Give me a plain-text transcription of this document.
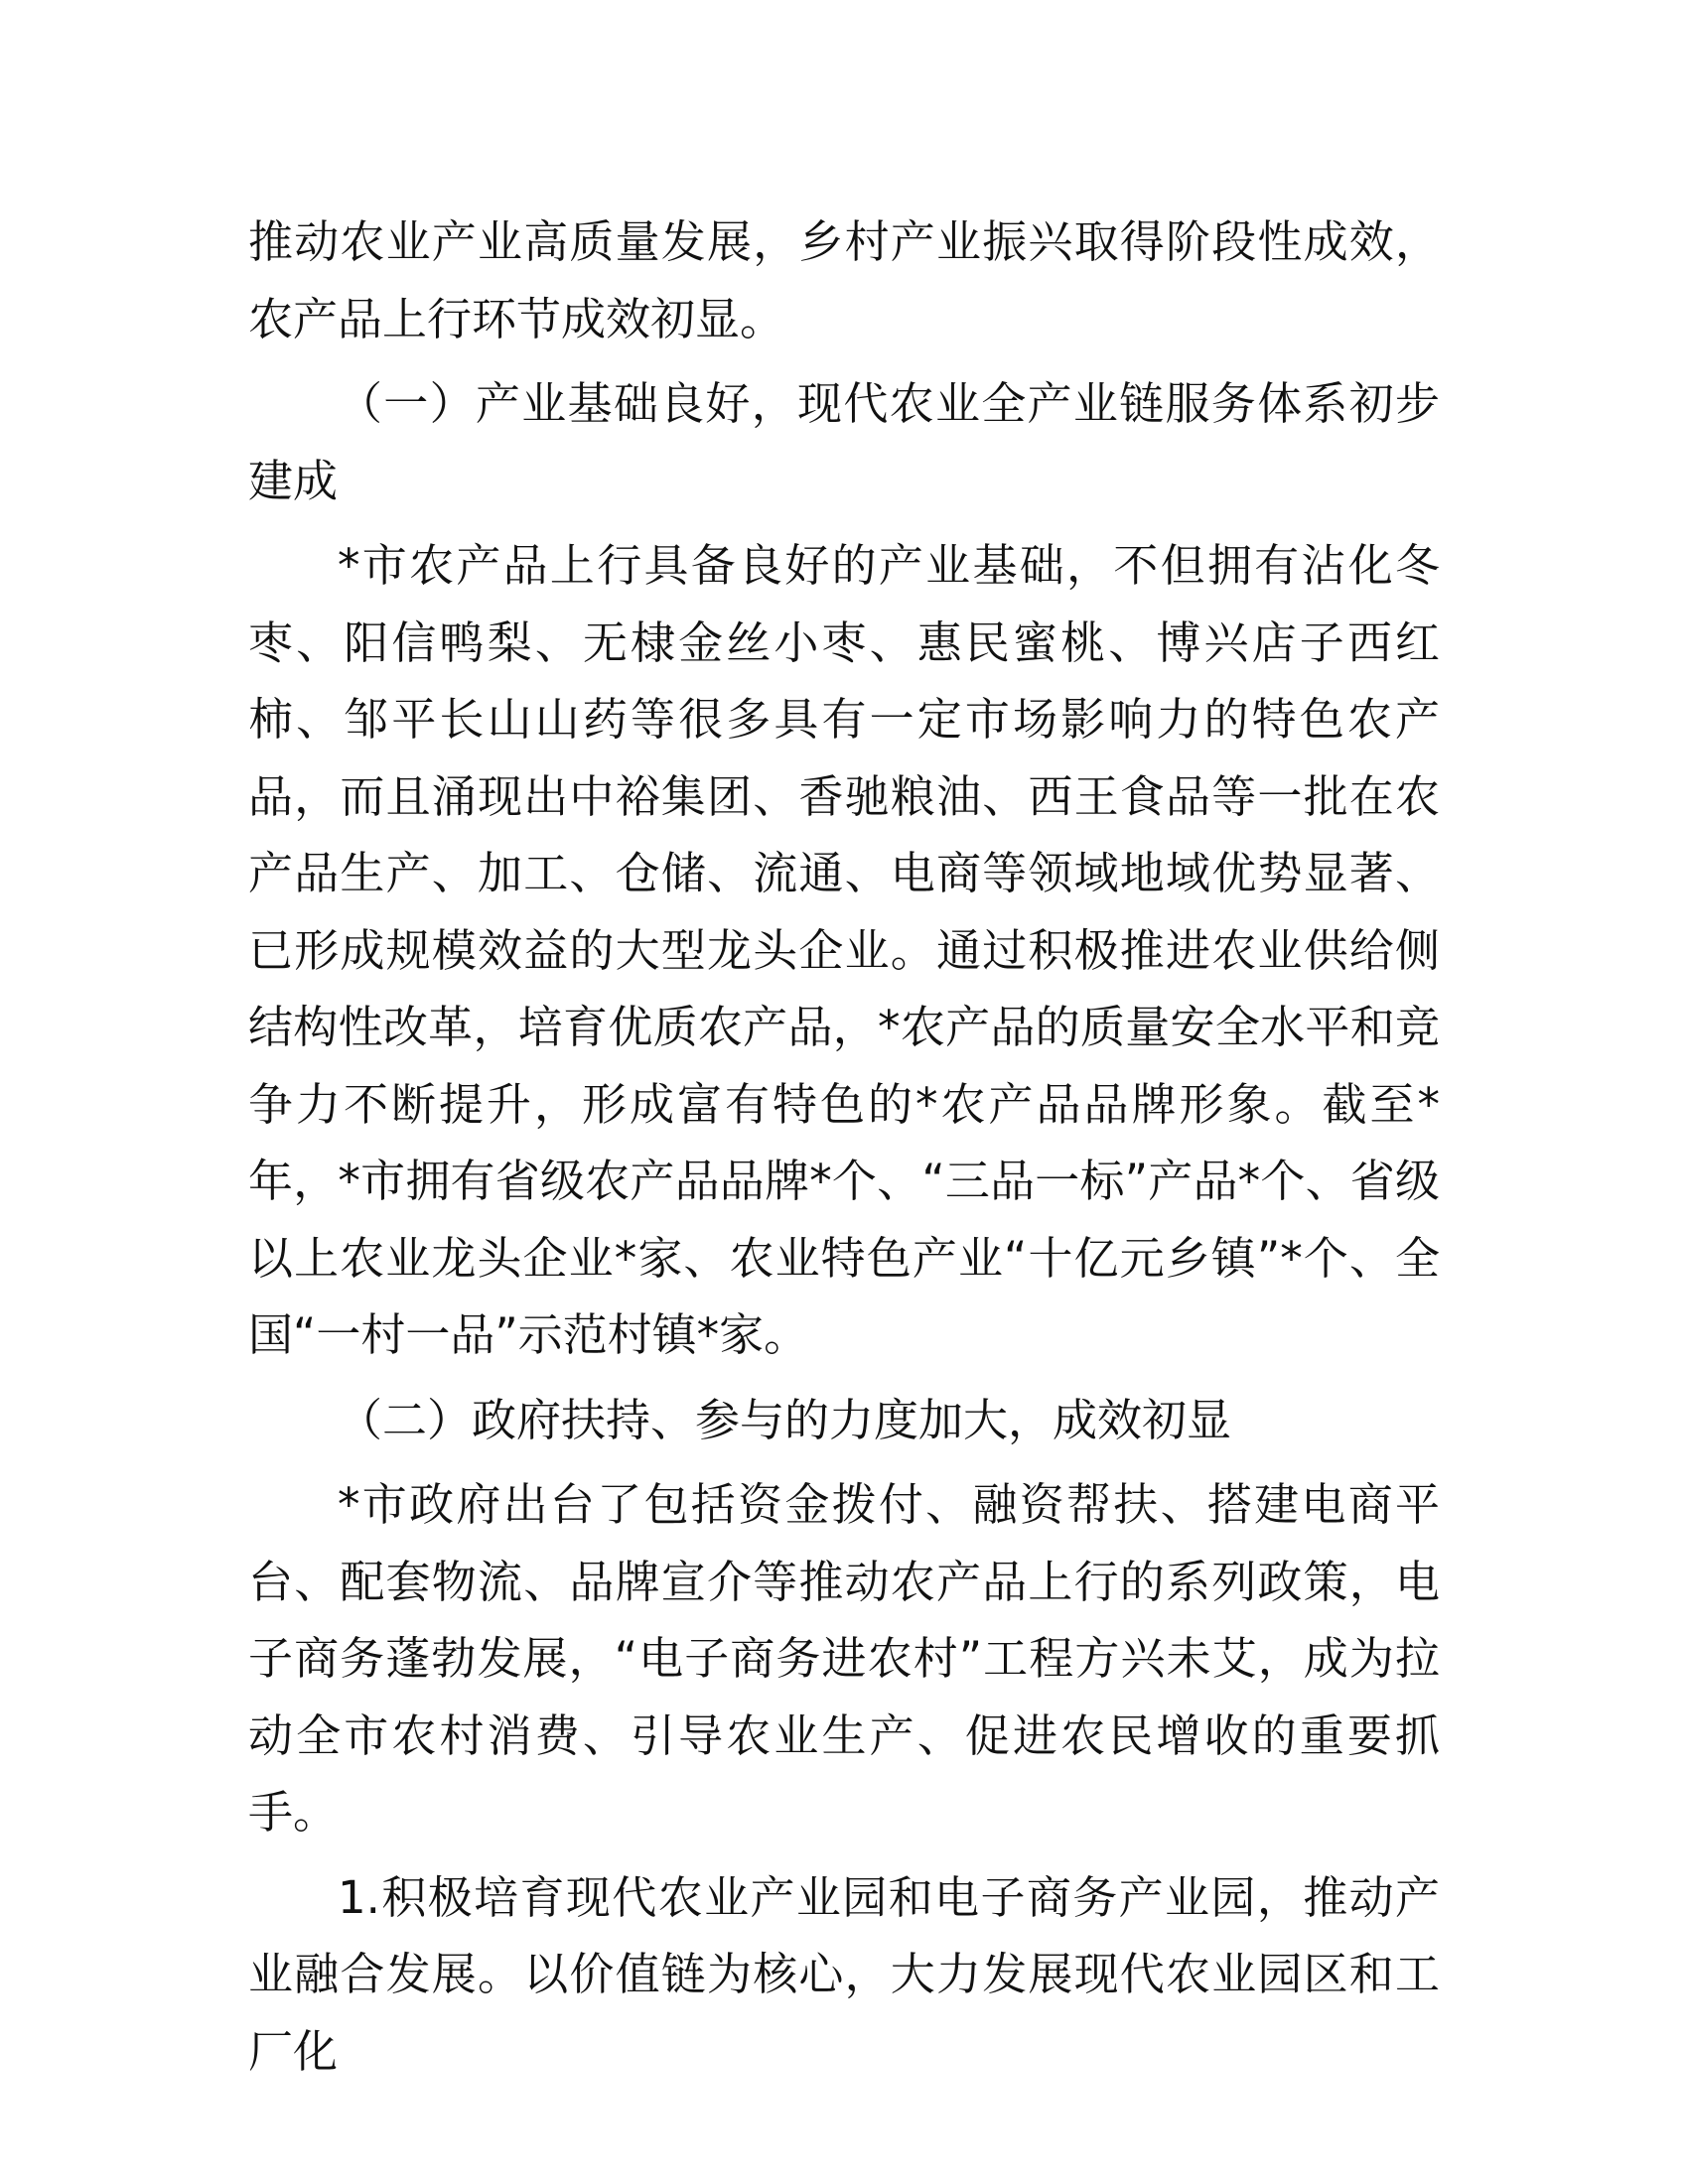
推动农业产业高质量发展，乡村产业振兴取得阶段性成效，农产品上行环节成效初显。

（一）产业基础良好，现代农业全产业链服务体系初步建成

*市农产品上行具备良好的产业基础，不但拥有沾化冬枣、阳信鸭梨、无棣金丝小枣、惠民蜜桃、博兴店子西红柿、邹平长山山药等很多具有一定市场影响力的特色农产品，而且涌现出中裕集团、香驰粮油、西王食品等一批在农产品生产、加工、仓储、流通、电商等领域地域优势显著、已形成规模效益的大型龙头企业。通过积极推进农业供给侧结构性改革，培育优质农产品，*农产品的质量安全水平和竞争力不断提升，形成富有特色的*农产品品牌形象。截至*年，*市拥有省级农产品品牌*个、“三品一标”产品*个、省级以上农业龙头企业*家、农业特色产业“十亿元乡镇”*个、全国“一村一品”示范村镇*家。

（二）政府扶持、参与的力度加大，成效初显

*市政府出台了包括资金拨付、融资帮扶、搭建电商平台、配套物流、品牌宣介等推动农产品上行的系列政策，电子商务蓬勃发展，“电子商务进农村”工程方兴未艾，成为拉动全市农村消费、引导农业生产、促进农民增收的重要抓手。

1.积极培育现代农业产业园和电子商务产业园，推动产业融合发展。以价值链为核心，大力发展现代农业园区和工厂化
